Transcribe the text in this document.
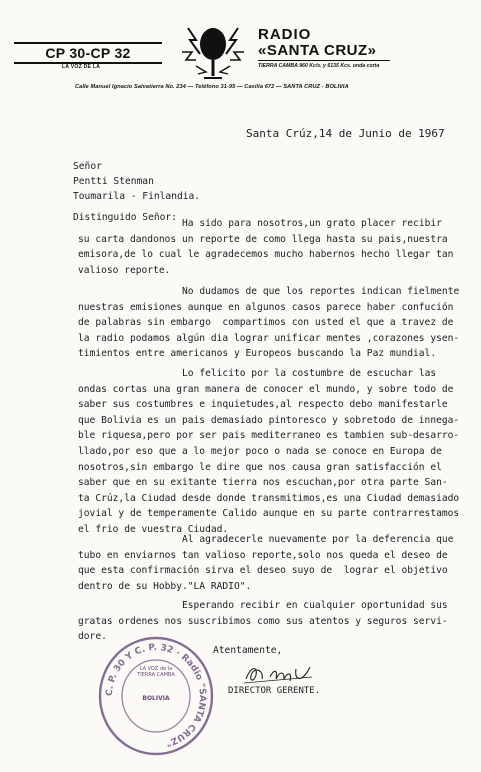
CP 30-CP 32
LA VOZ DE LA
RADIO
«SANTA CRUZ»
TIERRA CAMBA 960 Kc/s. y 6135 Kcs. onda corta
Calle Manuel Ignacio Salvatierra No. 234 — Teléfono 31-95 — Casilla 672 — SANTA CRUZ - BOLIVIA
Santa Crúz,14 de Junio de 1967
Señor
Pentti Stenman
Toumarila - Finlandia.
Distinguido Señor:
Ha sido para nosotros,un grato placer recibir
su carta dandonos un reporte de como llega hasta su pais,nuestra
emisora,de lo cual le agradecemos mucho habernos hecho llegar tan
valioso reporte.
No dudamos de que los reportes indican fielmente
nuestras emisiones aunque en algunos casos parece haber confución
de palabras sin embargo  compartimos con usted el que a travez de
la radio podamos algún dia lograr unificar mentes ,corazones ysen-
timientos entre americanos y Europeos buscando la Paz mundial.
Lo felicito por la costumbre de escuchar las
ondas cortas una gran manera de conocer el mundo, y sobre todo de
saber sus costumbres e inquietudes,al respecto debo manifestarle
que Bolivia es un pais demasiado pintoresco y sobretodo de innega-
ble riquesa,pero por ser pais mediterraneo es tambien sub-desarro-
llado,por eso que a lo mejor poco o nada se conoce en Europa de
nosotros,sin embargo le dire que nos causa gran satisfacción el
saber que en su exitante tierra nos escuchan,por otra parte San-
ta Crúz,la Ciudad desde donde transmitimos,es una Ciudad demasiado
jovial y de temperamente Calido aunque en su parte contrarrestamos
el frio de vuestra Ciudad.
Al agradecerle nuevamente por la deferencia que
tubo en enviarnos tan valioso reporte,solo nos queda el deseo de
que esta confirmación sirva el deseo suyo de  lograr el objetivo
dentro de su Hobby."LA RADIO".
Esperando recibir en cualquier oportunidad sus
gratas ordenes nos suscribimos como sus atentos y seguros servi-
dore.
Atentamente,
DIRECTOR GERENTE.
C. P. 30 Y C. P. 32 · Radio "SANTA CRUZ"
LA VOZ de la TIERRA CAMBA
BOLIVIA
